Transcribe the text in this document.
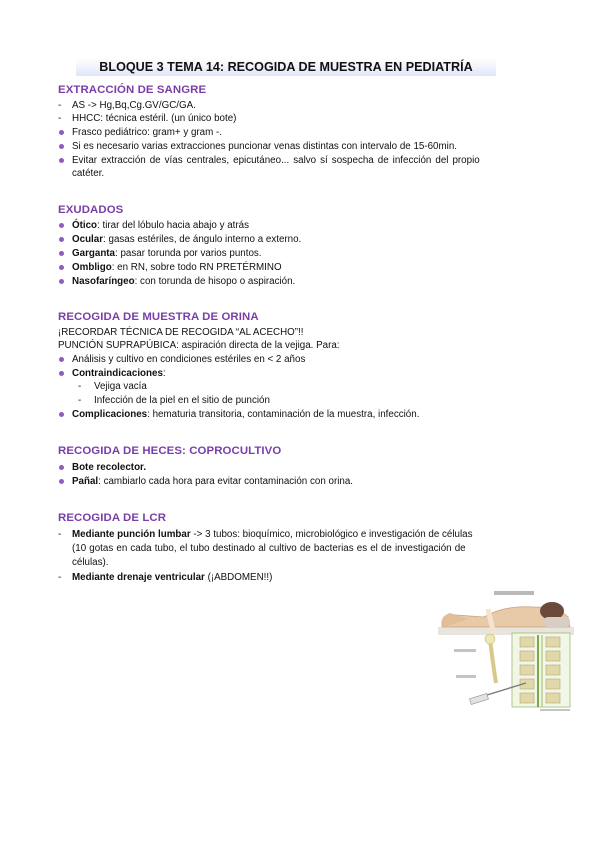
BLOQUE 3 TEMA 14: RECOGIDA DE MUESTRA EN PEDIATRÍA
EXTRACCIÓN DE SANGRE
- AS -> Hg,Bq,Cg.GV/GC/GA.
- HHCC: técnica estéril. (un único bote)
Frasco pediátrico: gram+ y gram -.
Si es necesario varias extracciones puncionar venas distintas con intervalo de 15-60min.
Evitar extracción de vías centrales, epicutáneo... salvo sí sospecha de infección del propio
catéter.
EXUDADOS
Ótico: tirar del lóbulo hacia abajo y atrás
Ocular: gasas estériles, de ángulo interno a externo.
Garganta: pasar torunda por varios puntos.
Ombligo: en RN, sobre todo RN PRETÉRMINO
Nasofaríngeo: con torunda de hisopo o aspiración.
RECOGIDA DE MUESTRA DE ORINA
¡RECORDAR TÉCNICA DE RECOGIDA “AL ACECHO”!!
PUNCIÓN SUPRAPÚBICA: aspiración directa de la vejiga. Para:
Análisis y cultivo en condiciones estériles en < 2 años
Contraindicaciones:
- Vejiga vacía
- Infección de la piel en el sitio de punción
Complicaciones: hematuria transitoria, contaminación de la muestra, infección.
RECOGIDA DE HECES: COPROCULTIVO
Bote recolector.
Pañal: cambiarlo cada hora para evitar contaminación con orina.
RECOGIDA DE LCR
- Mediante punción lumbar -> 3 tubos: bioquímico, microbiológico e investigación de células
(10 gotas en cada tubo, el tubo destinado al cultivo de bacterias es el de investigación de
células).
- Mediante drenaje ventricular (¡ABDOMEN!!)
